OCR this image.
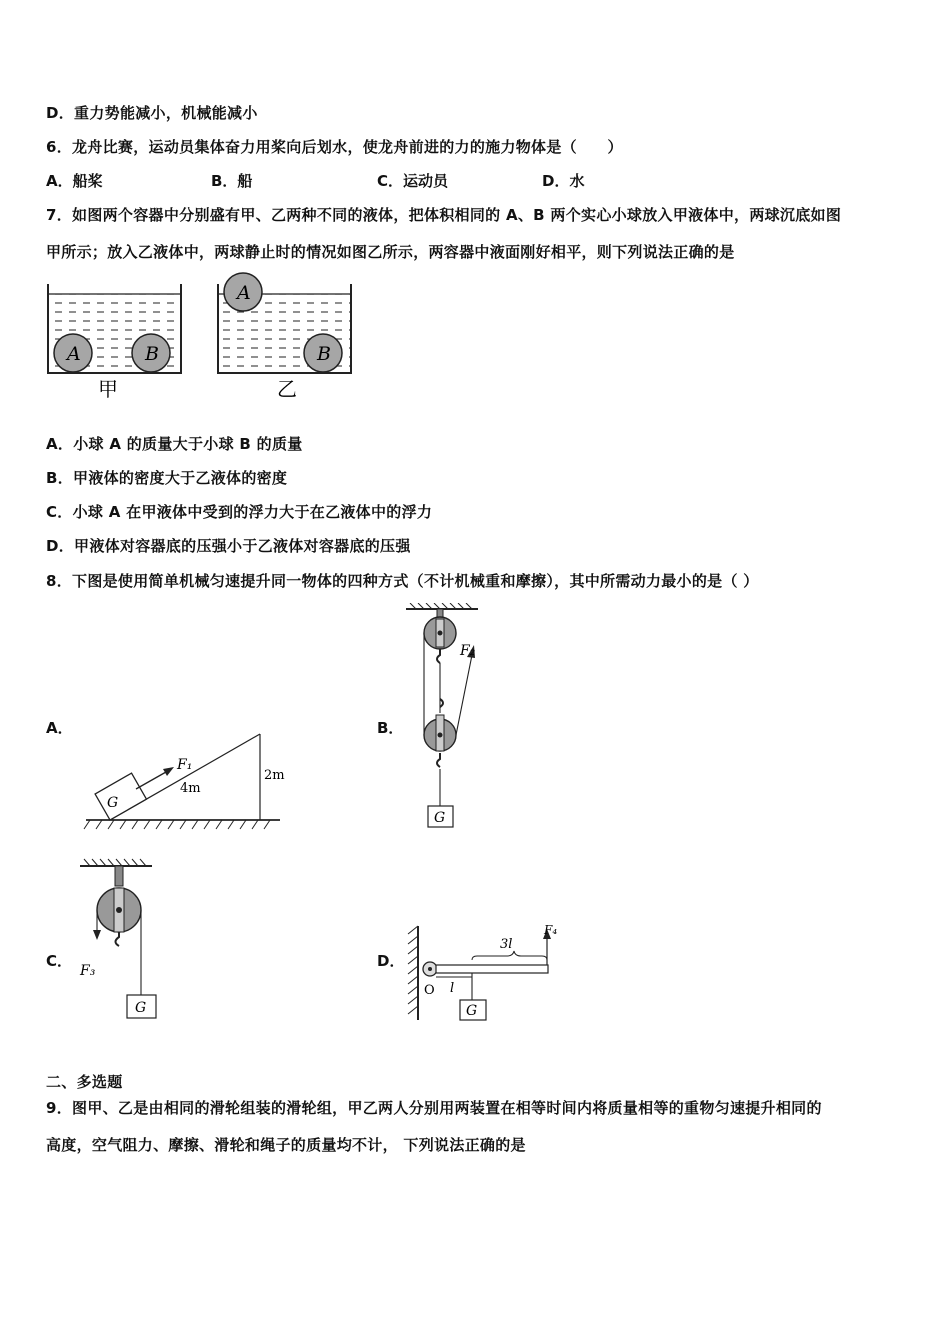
D．重力势能减小，机械能减小
6．龙舟比赛，运动员集体奋力用桨向后划水，使龙舟前进的力的施力物体是（　　）
A．船桨	B．船	C．运动员	D．水
7．如图两个容器中分别盛有甲、乙两种不同的液体，把体积相同的 A、B 两个实心小球放入甲液体中，两球沉底如图
甲所示；放入乙液体中，两球静止时的情况如图乙所示，两容器中液面刚好相平，则下列说法正确的是
A	B
甲
A
B
乙
A．小球 A 的质量大于小球 B 的质量
B．甲液体的密度大于乙液体的密度
C．小球 A 在甲液体中受到的浮力大于在乙液体中的浮力
D．甲液体对容器底的压强小于乙液体对容器底的压强
8．下图是使用简单机械匀速提升同一物体的四种方式（不计机械重和摩擦），其中所需动力最小的是（ ）
A．	B．
C．	D．
G
F₁
4m
2m
F₂
G
F₃
G
F₄
3l
l
O
G
二、多选题
9．图甲、乙是由相同的滑轮组装的滑轮组，甲乙两人分别用两装置在相等时间内将质量相等的重物匀速提升相同的
高度，空气阻力、摩擦、滑轮和绳子的质量均不计， 下列说法正确的是
